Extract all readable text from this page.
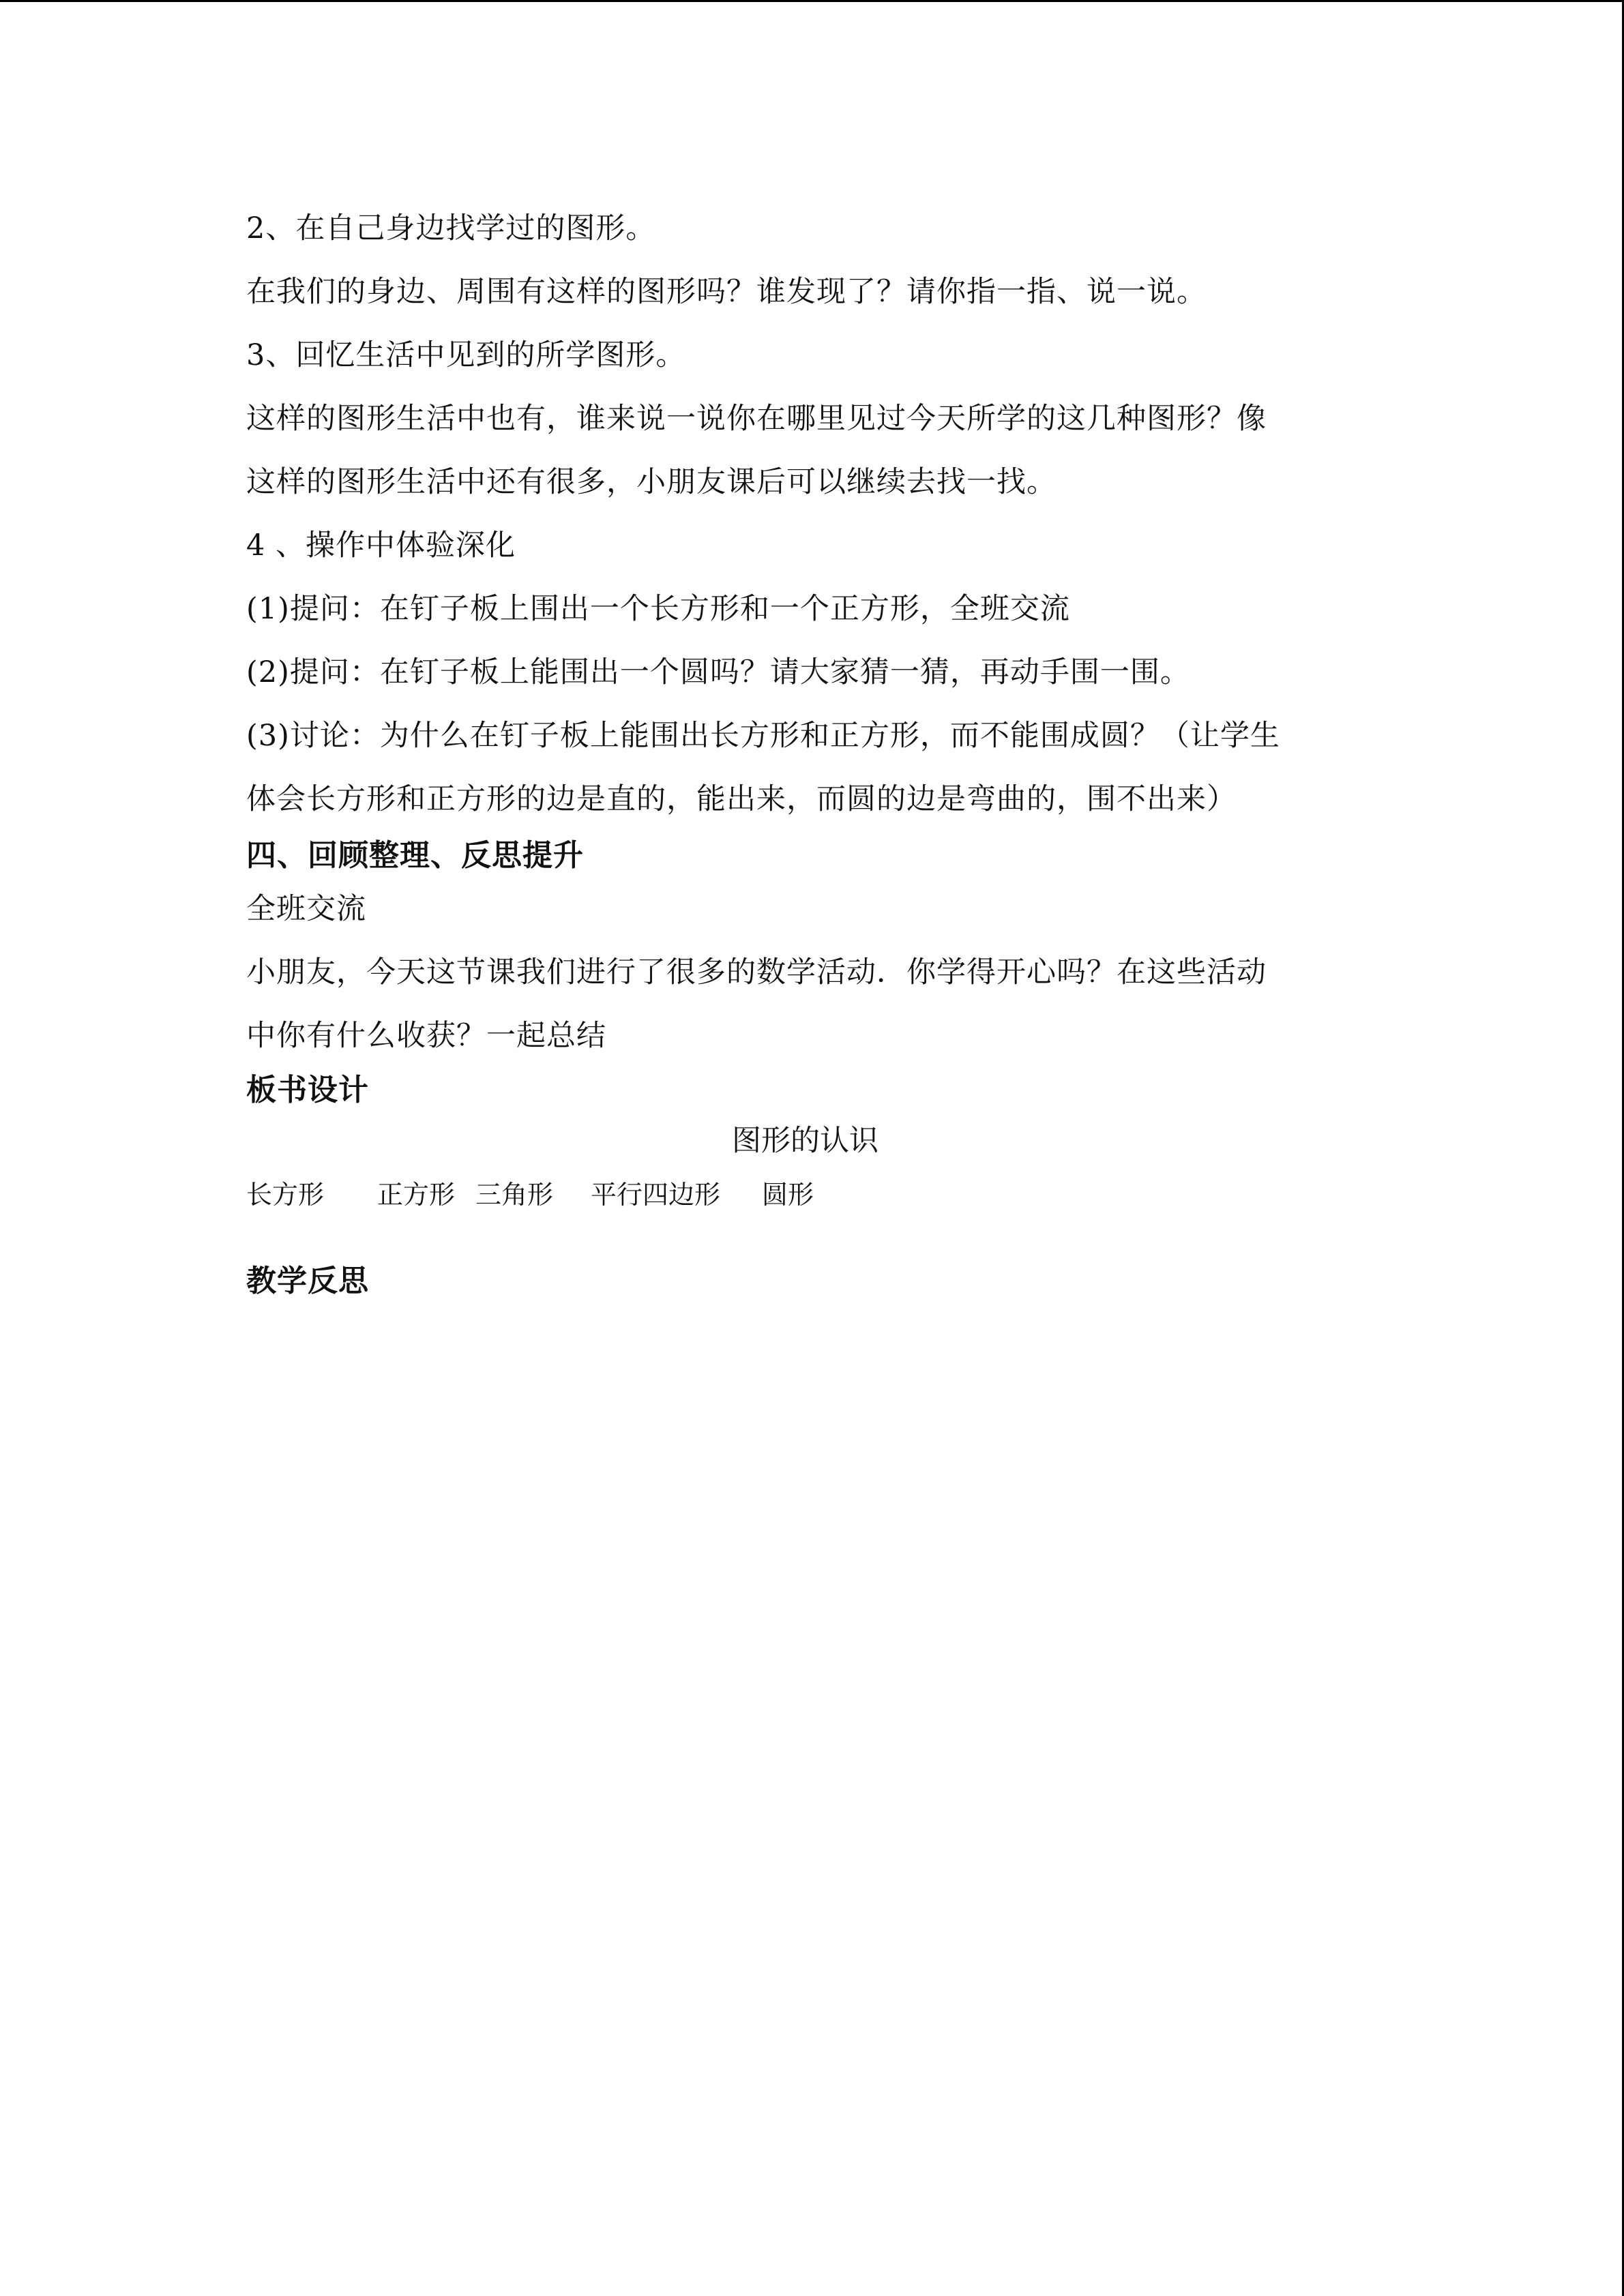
2、在自己身边找学过的图形。
在我们的身边、周围有这样的图形吗？谁发现了？请你指一指、说一说。
3、回忆生活中见到的所学图形。
这样的图形生活中也有，谁来说一说你在哪里见过今天所学的这几种图形？像
这样的图形生活中还有很多，小朋友课后可以继续去找一找。
4 、操作中体验深化
(1)提问：在钉子板上围出一个长方形和一个正方形，全班交流
(2)提问：在钉子板上能围出一个圆吗？请大家猜一猜，再动手围一围。
(3)讨论：为什么在钉子板上能围出长方形和正方形，而不能围成圆？（让学生
体会长方形和正方形的边是直的，能出来，而圆的边是弯曲的，围不出来）
四、回顾整理、反思提升
全班交流
小朋友，今天这节课我们进行了很多的数学活动．你学得开心吗？在这些活动
中你有什么收获？一起总结
板书设计
图形的认识
长方形 正方形 三角形 平行四边形 圆形
教学反思
